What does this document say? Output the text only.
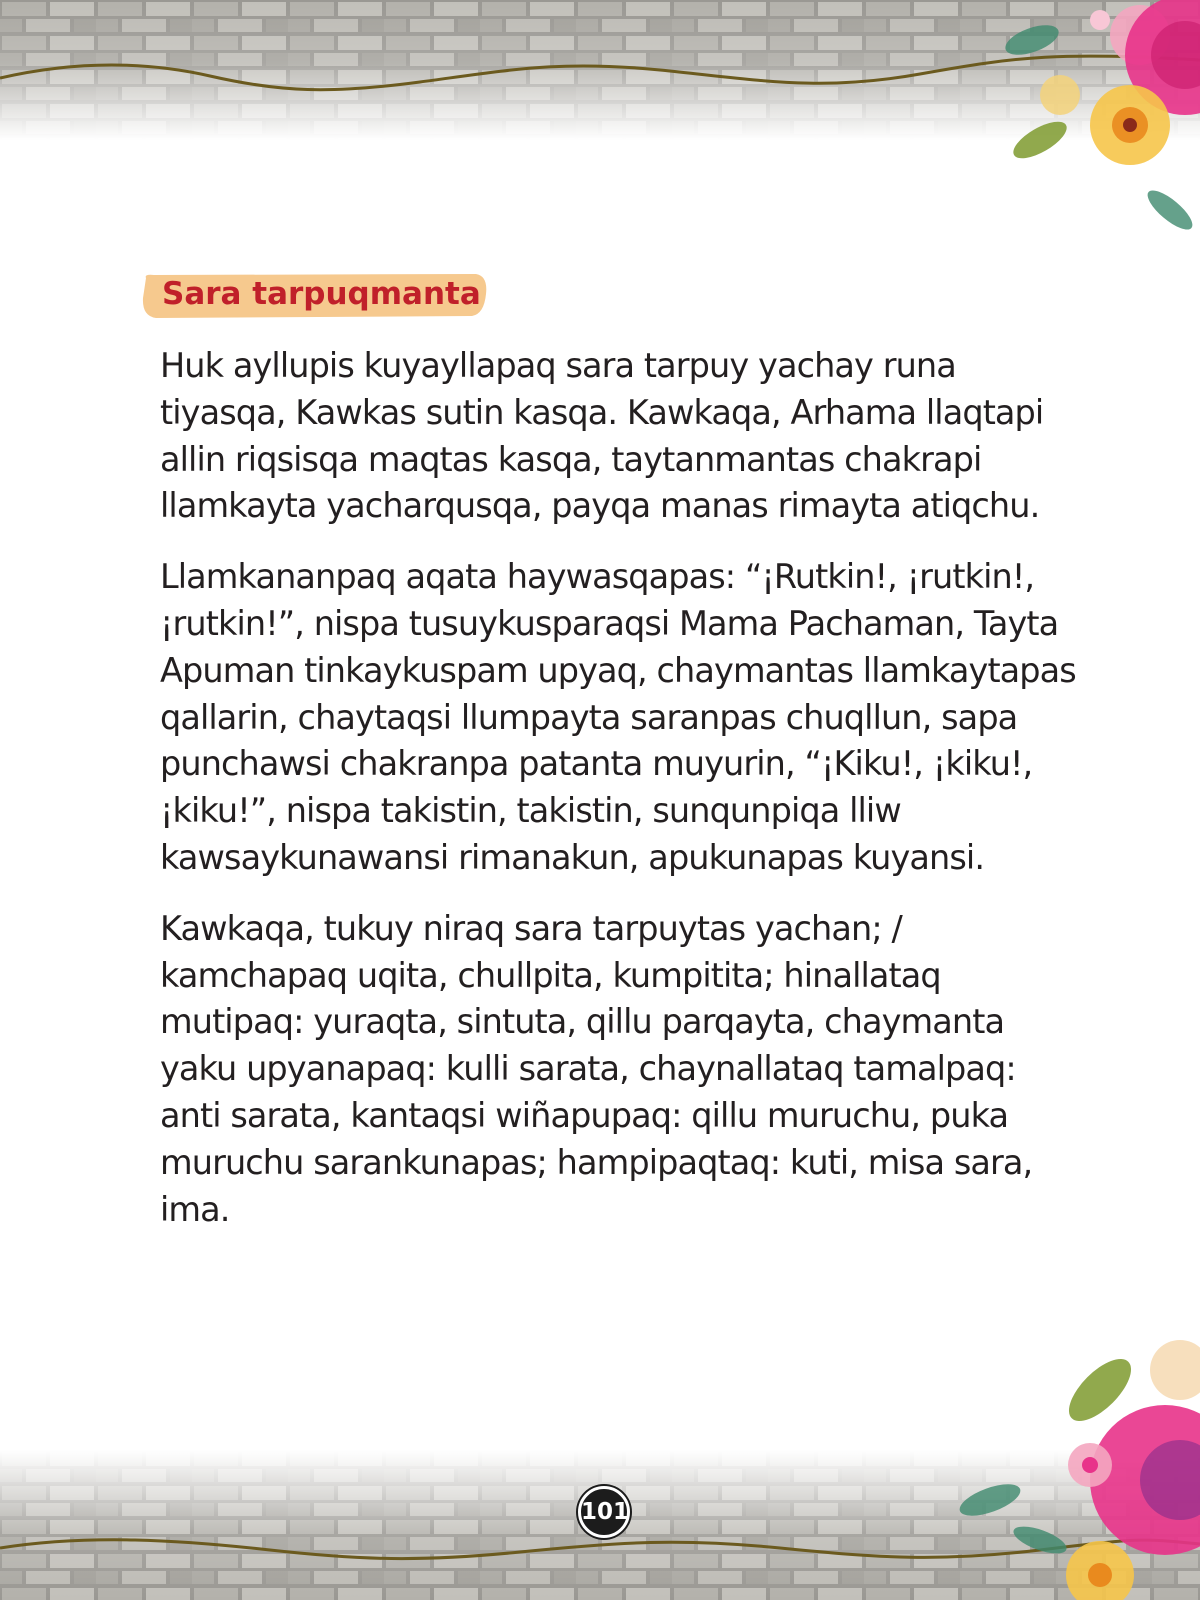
Sara tarpuqmanta

Huk ayllupis kuyayllapaq sara tarpuy yachay runa tiyasqa, Kawkas sutin kasqa. Kawkaqa, Arhama llaqtapi allin riqsisqa maqtas kasqa, taytanmantas chakrapi llamkayta yacharqusqa, payqa manas rimayta atiqchu.

Llamkananpaq aqata haywasqapas: “¡Rutkin!, ¡rutkin!, ¡rutkin!”, nispa tusuykusparaqsi Mama Pachaman, Tayta Apuman tinkaykuspam upyaq, chaymantas llamkaytapas qallarin, chaytaqsi llumpayta saranpas chuqllun, sapa punchawsi chakranpa patanta muyurin, “¡Kiku!, ¡kiku!, ¡kiku!”, nispa takistin, takistin, sunqunpiqa lliw kawsaykunawansi rimanakun, apukunapas kuyansi.

Kawkaqa, tukuy niraq sara tarpuytas yachan; / kamchapaq uqita, chullpita, kumpitita; hinallataq mutipaq: yuraqta, sintuta, qillu parqayta, chaymanta yaku upyanapaq: kulli sarata, chaynallataq tamalpaq: anti sarata, kantaqsi wiñapupaq: qillu muruchu, puka muruchu sarankunapas; hampipaqtaq: kuti, misa sara, ima.

101
